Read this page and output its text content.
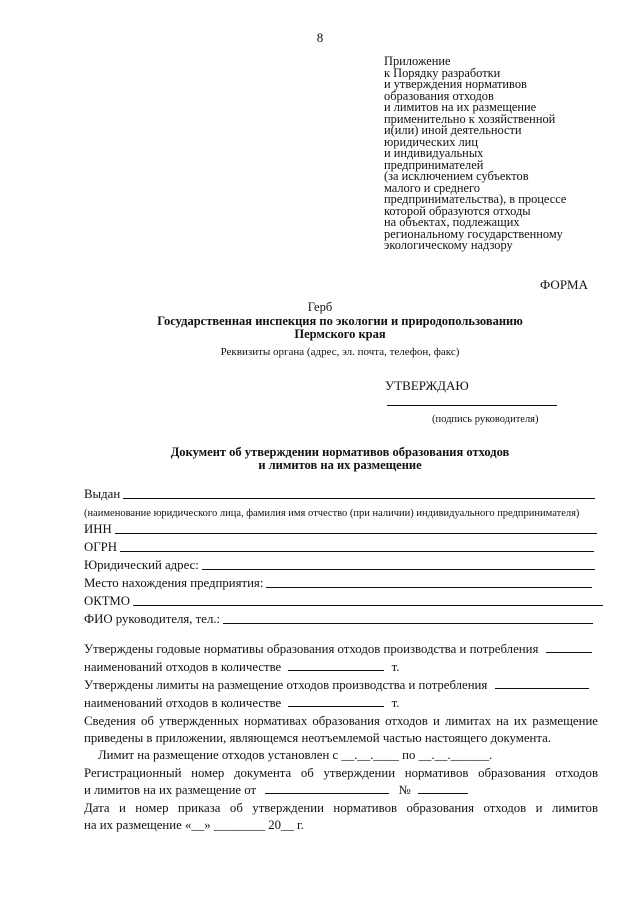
8
Приложение
к Порядку разработки
и утверждения нормативов
образования отходов
и лимитов на их размещение
применительно к хозяйственной
и(или) иной деятельности
юридических лиц
и индивидуальных
предпринимателей
(за исключением субъектов
малого и среднего
предпринимательства), в процессе
которой образуются отходы
на объектах, подлежащих
региональному государственному
экологическому надзору
ФОРМА
Герб
Государственная инспекция по экологии и природопользованию
Пермского края
Реквизиты органа (адрес, эл. почта, телефон, факс)
УТВЕРЖДАЮ
(подпись руководителя)
Документ об утверждении нормативов образования отходов
и лимитов на их размещение
Выдан
(наименование юридического лица, фамилия имя отчество (при наличии) индивидуального предпринимателя)
ИНН
ОГРН
Юридический адрес:
Место нахождения предприятия:
ОКТМО
ФИО руководителя, тел.:
Утверждены годовые нормативы образования отходов производства и потребления
наименований отходов в количестве	т.
Утверждены лимиты на размещение отходов производства и потребления
наименований отходов в количестве	т.
Сведения об утвержденных нормативах образования отходов и лимитах на их размещение
приведены в приложении, являющемся неотъемлемой частью настоящего документа.
Лимит на размещение отходов установлен с __.__.____ по __.__.______.
Регистрационный номер документа об утверждении нормативов образования отходов
и лимитов на их размещение от	№
Дата и номер приказа об утверждении нормативов образования отходов и лимитов
на их размещение «__» ________ 20__ г.
